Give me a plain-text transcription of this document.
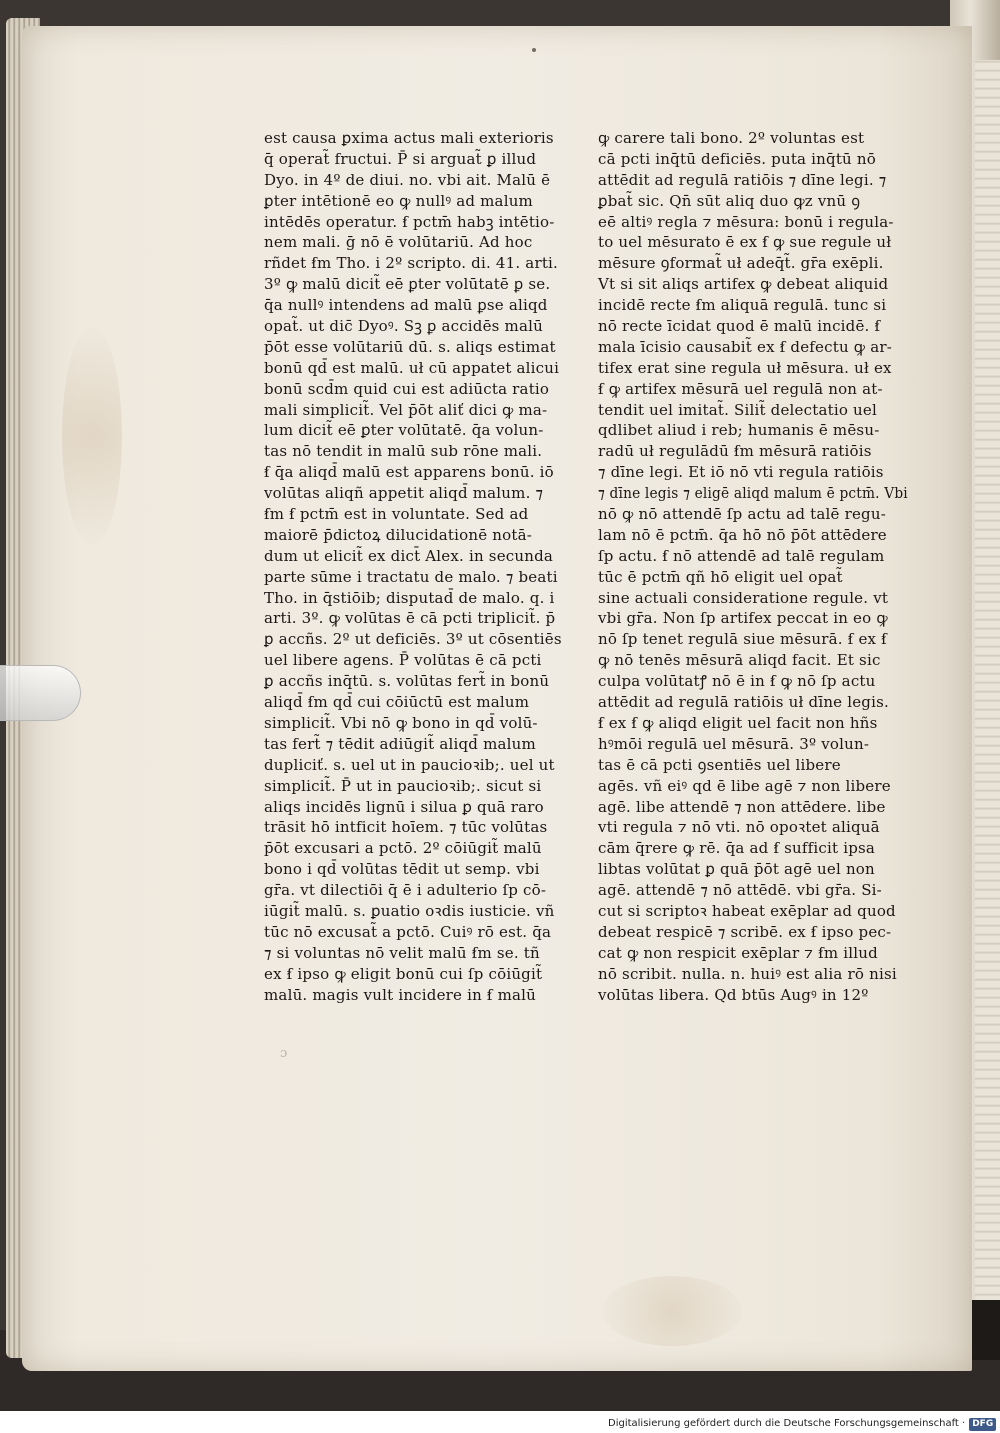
est causa ꝑxima actus mali exterioris
q̄ operat̃ fructui. P̄ si arguat̃ ꝑ illud
Dyo. in 4º de diui. no. vbi ait. Malū ē
ꝑter intētionē eo ꝙ nullꝰ ad malum
intēdēs operatur. ẜ pctm̄ habꝫ intētio-
nem mali. ḡ nō ē volūtariū. Ad hoc
rñdet ẜm Tho. i 2º scripto. di. 41. arti.
3º ꝙ malū dicit̃ eē ꝑter volūtatē ꝑ se.
q̄a nullꝰ intendens ad malū ꝑse aliqd
opat̃. ut dic̄ Dyoꝰ. Sꝫ ꝑ accidēs malū
p̄ōt esse volūtariū dū. s. aliqs estimat
bonū qd̄ est malū. uł cū appatet alicui
bonū scd̄m quid cui est adiūcta ratio
mali simplicit̃. Vel p̄ōt aliť dici ꝙ ma-
lum dicit̃ eē ꝑter volūtatē. q̄a volun-
tas nō tendit in malū sub rōne mali.
ẜ q̄a aliqd̄ malū est apparens bonū. iō
volūtas aliqñ appetit aliqd̄ malum. ⁊
ẜm ẜ pctm̄ est in voluntate. Sed ad
maiorē p̄dictoꝝ dilucidationē notā-
dum ut elicit̃ ex dict̄ Alex. in secunda
parte sūme i tractatu de malo. ⁊ beati
Tho. in q̄stiōib; disputad̄ de malo. q. i
arti. 3º. ꝙ volūtas ē cā pcti triplicit̃. p̄
ꝑ accñs. 2º ut deficiēs. 3º ut cōsentiēs
uel libere agens. P̄ volūtas ē cā pcti
ꝑ accñs inq̄tū. s. volūtas fert̃ in bonū
aliqd̄ ẜm qd̄ cui cōiūctū est malum
simplicit̃. Vbi nō ꝙ bono in qd̄ volū-
tas fert̃ ⁊ tēdit adiūgit̃ aliqd̄ malum
dupliciť. s. uel ut in paucioꝛib;. uel ut
simplicit̃. P̄ ut in paucioꝛib;. sicut si
aliqs incidēs lignū i silua ꝑ quā raro
trāsit hō intficit hoīem. ⁊ tūc volūtas
p̄ōt excusari a pctō. 2º cōiūgit̃ malū
bono i qd̄ volūtas tēdit ut semp. vbi
gr̄a. vt dilectiōi q̄ ē i adulterio ſp cō-
iūgit̃ malū. s. ꝑuatio oꝛdis iusticie. vñ
tūc nō excusat̃ a pctō. Cuiꝰ rō est. q̄a
⁊ si voluntas nō velit malū ẜm se. tñ
ex ẜ ipso ꝙ eligit bonū cui ſp cōiūgit̃
malū. magis vult incidere in ẜ malū
ꝙ carere tali bono. 2º voluntas est
cā pcti inq̄tū deficiēs. puta inq̄tū nō
attēdit ad regulā ratiōis ⁊ dīne legi. ⁊
ꝑbat̃ sic. Qn̄ sūt aliq duo ꝙz vnū ꝯ
eē altiꝰ regla ⁊ mēsura: bonū i regula-
to uel mēsurato ē ex ẜ ꝙ sue regule uł
mēsure ꝯformat̃ uł adeq̄t̃. gr̄a exēpli.
Vt si sit aliqs artifex ꝙ debeat aliquid
incidē recte ẜm aliquā regulā. tunc si
nō recte īcidat quod ē malū incidē. ẜ
mala īcisio causabit̃ ex ẜ defectu ꝙ ar-
tifex erat sine regula uł mēsura. uł ex
ẜ ꝙ artifex mēsurā uel regulā non at-
tendit uel imitat̃. Silit̃ delectatio uel
qdlibet aliud i reb; humanis ē mēsu-
radū uł regulādū ẜm mēsurā ratiōis
⁊ dīne legi. Et iō nō vti regula ratiōis
⁊ dīne legis ⁊ eligē aliqd malum ē pctm̄. Vbi
nō ꝙ nō attendē ſp actu ad talē regu-
lam nō ē pctm̄. q̄a hō nō p̄ōt attēdere
ſp actu. ẜ nō attendē ad talē regulam
tūc ē pctm̄ qñ hō eligit uel opat̃
sine actuali consideratione regule. vt
vbi gr̄a. Non ſp artifex peccat in eo ꝙ
nō ſp tenet regulā siue mēsurā. ẜ ex ẜ
ꝙ nō tenēs mēsurā aliqd facit. Et sic
culpa volūtatꝭ nō ē in ẜ ꝙ nō ſp actu
attēdit ad regulā ratiōis uł dīne legis.
ẜ ex ẜ ꝙ aliqd eligit uel facit non hñs
hꝰmōi regulā uel mēsurā. 3º volun-
tas ē cā pcti ꝯsentiēs uel libere
agēs. vñ eiꝰ qd ē libe agē ⁊ non libere
agē. libe attendē ⁊ non attēdere. libe
vti regula ⁊ nō vti. nō opoꝛtet aliquā
cām q̄rere ꝙ rē. q̄a ad ẜ sufficit ipsa
libtas volūtat ꝑ quā p̄ōt agē uel non
agē. attendē ⁊ nō attēdē. vbi gr̄a. Si-
cut si scriptoꝛ habeat exēplar ad quod
debeat respicē ⁊ scribē. ex ẜ ipso pec-
cat ꝙ non respicit exēplar ⁊ ẜm illud
nō scribit. nulla. n. huiꝰ est alia rō nisi
volūtas libera. Qd btūs Augꝰ in 12º
ɔ
Digitalisierung gefördert durch die Deutsche Forschungsgemeinschaft · DFG
